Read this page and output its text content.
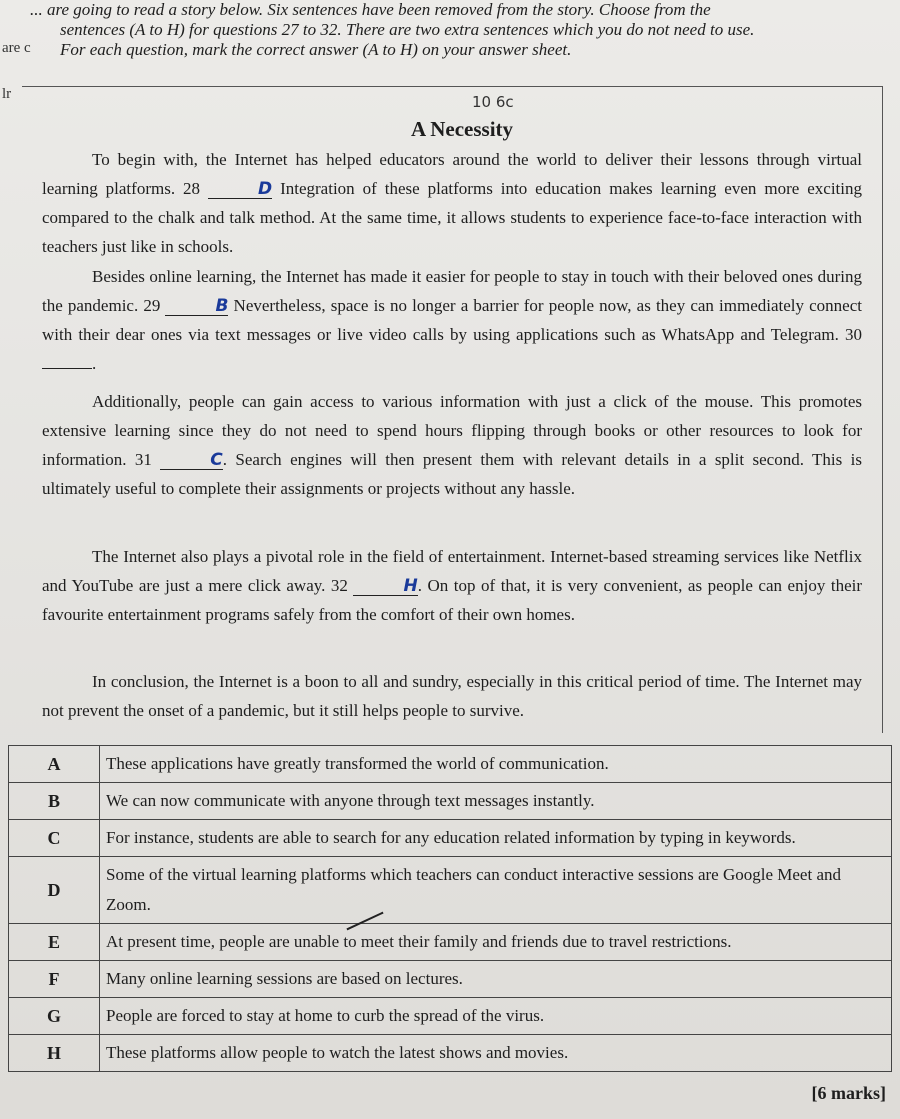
... are going to read a story below. Six sentences have been removed from the story. Choose from the
sentences (A to H) for questions 27 to 32. There are two extra sentences which you do not need to use.
For each question, mark the correct answer (A to H) on your answer sheet.
are c
lr	10 6c
A Necessity

To begin with, the Internet has helped educators around the world to deliver their lessons through virtual learning platforms. 28	D Integration of these platforms into education makes learning even more exciting compared to the chalk and talk method. At the same time, it allows students to experience face-to-face interaction with teachers just like in schools.

Besides online learning, the Internet has made it easier for people to stay in touch with their beloved ones during the pandemic. 29	B Nevertheless, space is no longer a barrier for people now, as they can immediately connect with their dear ones via text messages or live video calls by using applications such as WhatsApp and Telegram. 30 .

Additionally, people can gain access to various information with just a click of the mouse. This promotes extensive learning since they do not need to spend hours flipping through books or other resources to look for information. 31	C. Search engines will then present them with relevant details in a split second. This is ultimately useful to complete their assignments or projects without any hassle.

The Internet also plays a pivotal role in the field of entertainment. Internet-based streaming services like Netflix and YouTube are just a mere click away. 32	H. On top of that, it is very convenient, as people can enjoy their favourite entertainment programs safely from the comfort of their own homes.

In conclusion, the Internet is a boon to all and sundry, especially in this critical period of time. The Internet may not prevent the onset of a pandemic, but it still helps people to survive.

A	These applications have greatly transformed the world of communication.
B	We can now communicate with anyone through text messages instantly.
C	For instance, students are able to search for any education related information by typing in keywords.
D	Some of the virtual learning platforms which teachers can conduct interactive sessions are Google Meet and Zoom.
E	At present time, people are unable to meet their family and friends due to travel restrictions.
F	Many online learning sessions are based on lectures.
G	People are forced to stay at home to curb the spread of the virus.
H	These platforms allow people to watch the latest shows and movies.
[6 marks]
